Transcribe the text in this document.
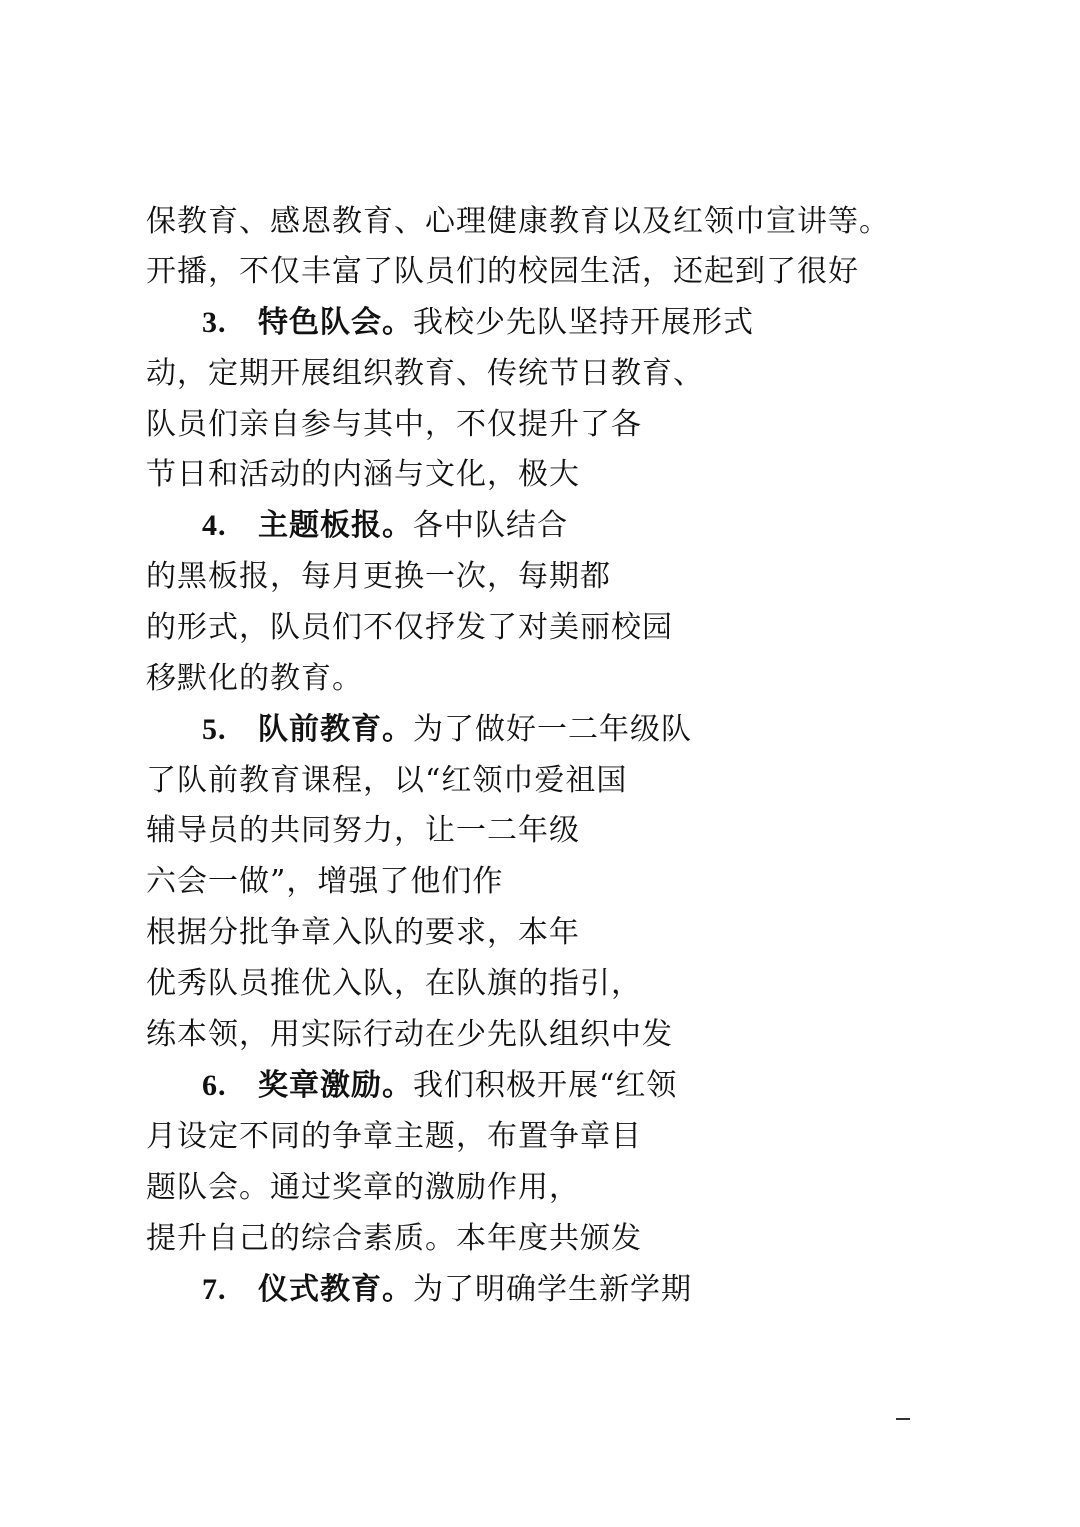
保教育、感恩教育、心理健康教育以及红领巾宣讲等。
开播，不仅丰富了队员们的校园生活，还起到了很好
3. 特色队会。我校少先队坚持开展形式
动，定期开展组织教育、传统节日教育、
队员们亲自参与其中，不仅提升了各
节日和活动的内涵与文化，极大
4. 主题板报。各中队结合
的黑板报，每月更换一次，每期都
的形式，队员们不仅抒发了对美丽校园
移默化的教育。
5. 队前教育。为了做好一二年级队
了队前教育课程，以“红领巾爱祖国
辅导员的共同努力，让一二年级
六会一做”，增强了他们作
根据分批争章入队的要求，本年
优秀队员推优入队，在队旗的指引，
练本领，用实际行动在少先队组织中发
6. 奖章激励。我们积极开展“红领
月设定不同的争章主题，布置争章目
题队会。通过奖章的激励作用，
提升自己的综合素质。本年度共颁发
7. 仪式教育。为了明确学生新学期
